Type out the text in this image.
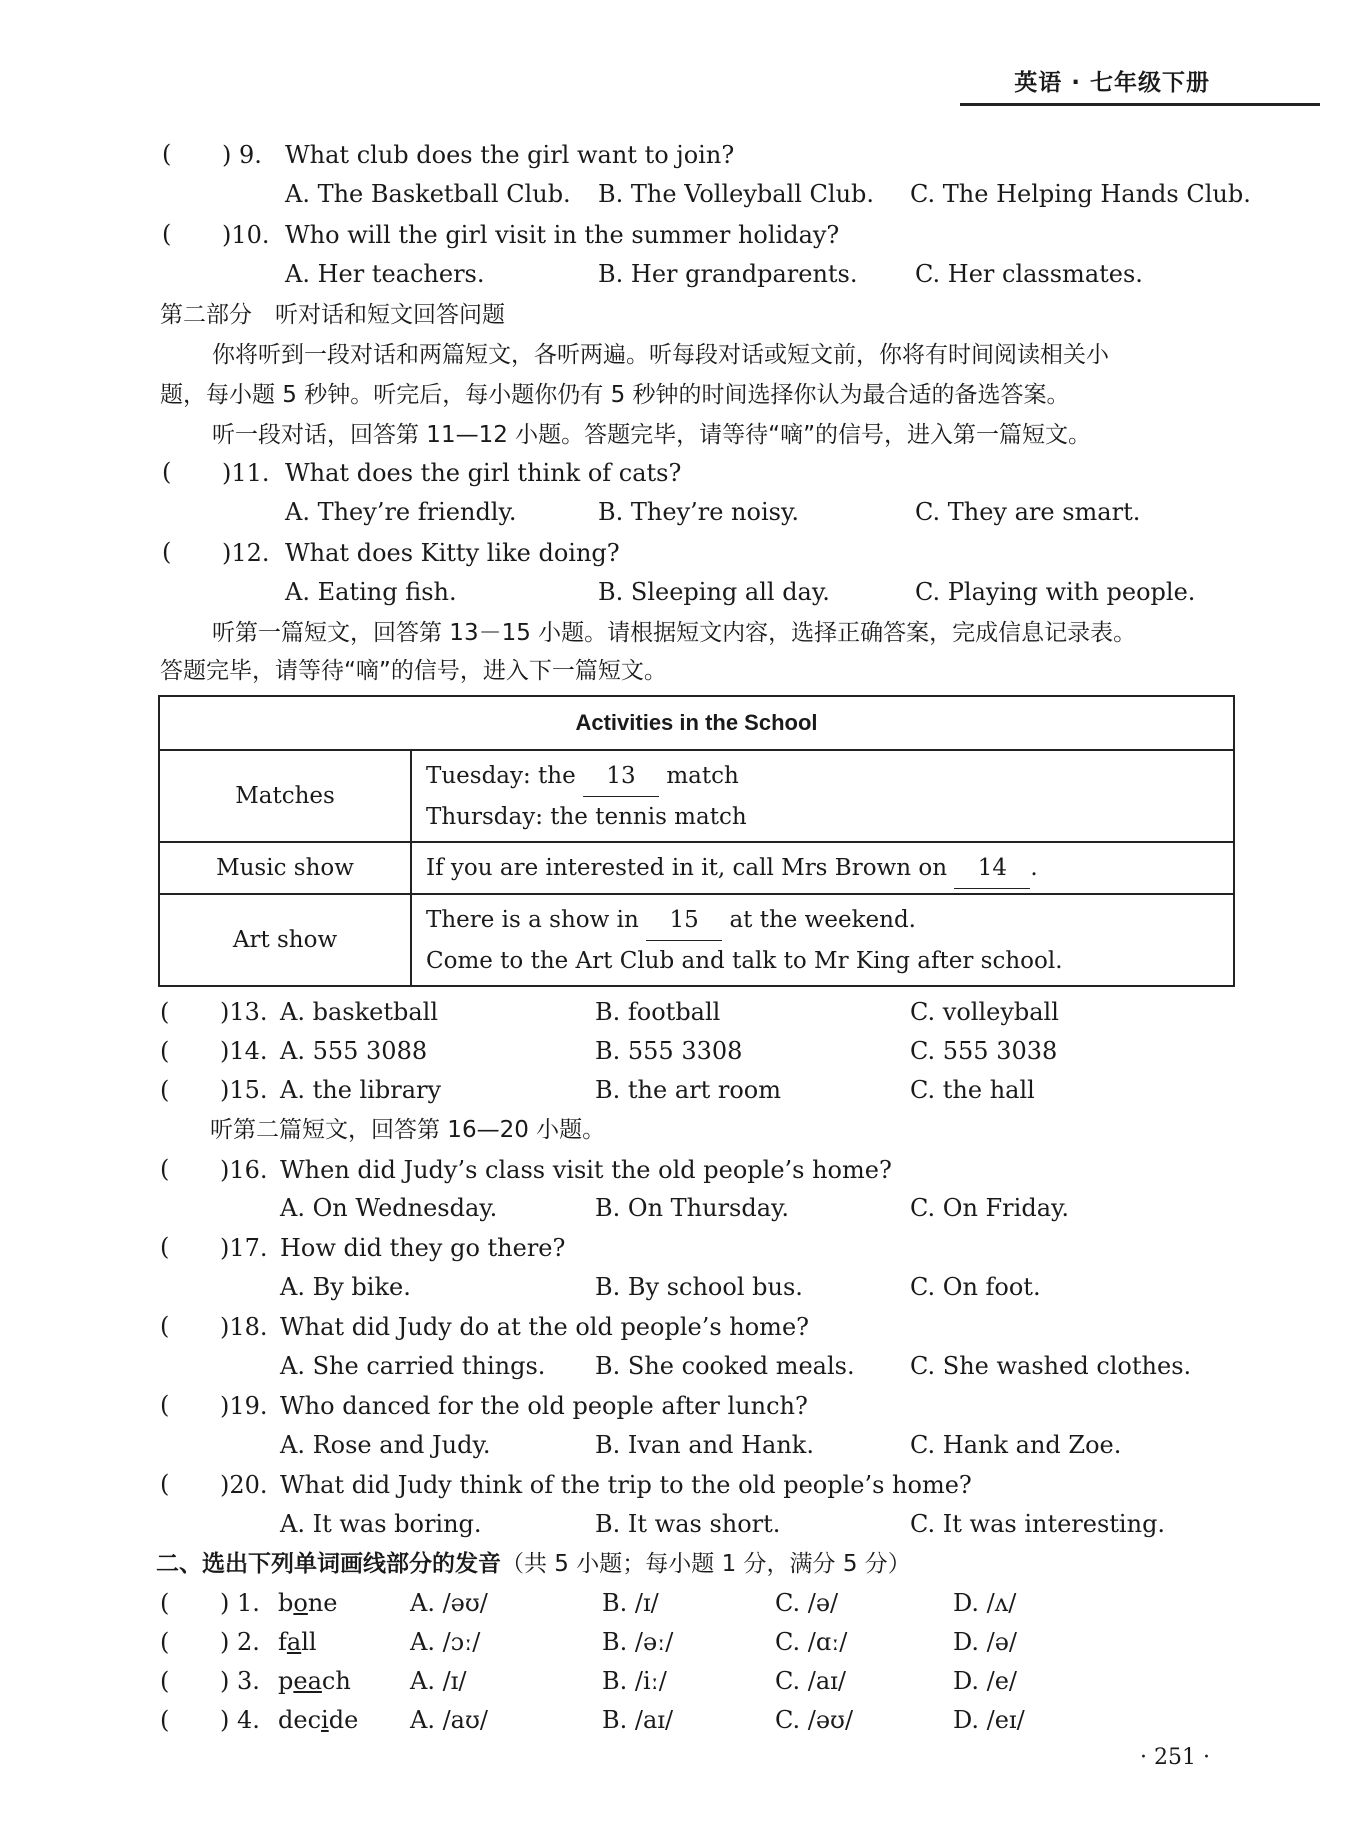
英语 · 七年级下册
( ) 9. What club does the girl want to join?
A. The Basketball Club. B. The Volleyball Club. C. The Helping Hands Club.
( )10. Who will the girl visit in the summer holiday?
A. Her teachers.	B. Her grandparents. C. Her classmates.
第二部分　听对话和短文回答问题
你将听到一段对话和两篇短文，各听两遍。听每段对话或短文前，你将有时间阅读相关小
题，每小题 5 秒钟。听完后，每小题你仍有 5 秒钟的时间选择你认为最合适的备选答案。
听一段对话，回答第 11—12 小题。答题完毕，请等待“嘀”的信号，进入第一篇短文。
( )11. What does the girl think of cats?
A. They’re friendly.	B. They’re noisy.	C. They are smart.
( )12. What does Kitty like doing?
A. Eating fish.	B. Sleeping all day.	C. Playing with people.
听第一篇短文，回答第 13－15 小题。请根据短文内容，选择正确答案，完成信息记录表。
答题完毕，请等待“嘀”的信号，进入下一篇短文。
Activities in the School	
Matches	Tuesday: the 13 match
Thursday: the tennis match
Music show	If you are interested in it, call Mrs Brown on 14 .
Art show	There is a show in 15 at the weekend.
Come to the Art Club and talk to Mr King after school.
( )13. A. basketball	B. football	C. volleyball
( )14. A. 555 3088	B. 555 3308	C. 555 3038
( )15. A. the library	B. the art room	C. the hall
听第二篇短文，回答第 16—20 小题。
( )16. When did Judy’s class visit the old people’s home?
A. On Wednesday.	B. On Thursday.	C. On Friday.
( )17. How did they go there?
A. By bike.	B. By school bus.	C. On foot.
( )18. What did Judy do at the old people’s home?
A. She carried things. B. She cooked meals. C. She washed clothes.
( )19. Who danced for the old people after lunch?
A. Rose and Judy.	B. Ivan and Hank.	C. Hank and Zoe.
( )20. What did Judy think of the trip to the old people’s home?
A. It was boring.	B. It was short.	C. It was interesting.
二、选出下列单词画线部分的发音（共 5 小题；每小题 1 分，满分 5 分）
( ) 1. bone	A. /əʊ/	B. /ɪ/	C. /ə/	D. /ʌ/
( ) 2. fall	A. /ɔː/	B. /əː/	C. /ɑː/	D. /ə/
( ) 3. peach A. /ɪ/	B. /iː/	C. /aɪ/	D. /e/
( ) 4. decide A. /aʊ/	B. /aɪ/	C. /əʊ/	D. /eɪ/
· 251 ·
